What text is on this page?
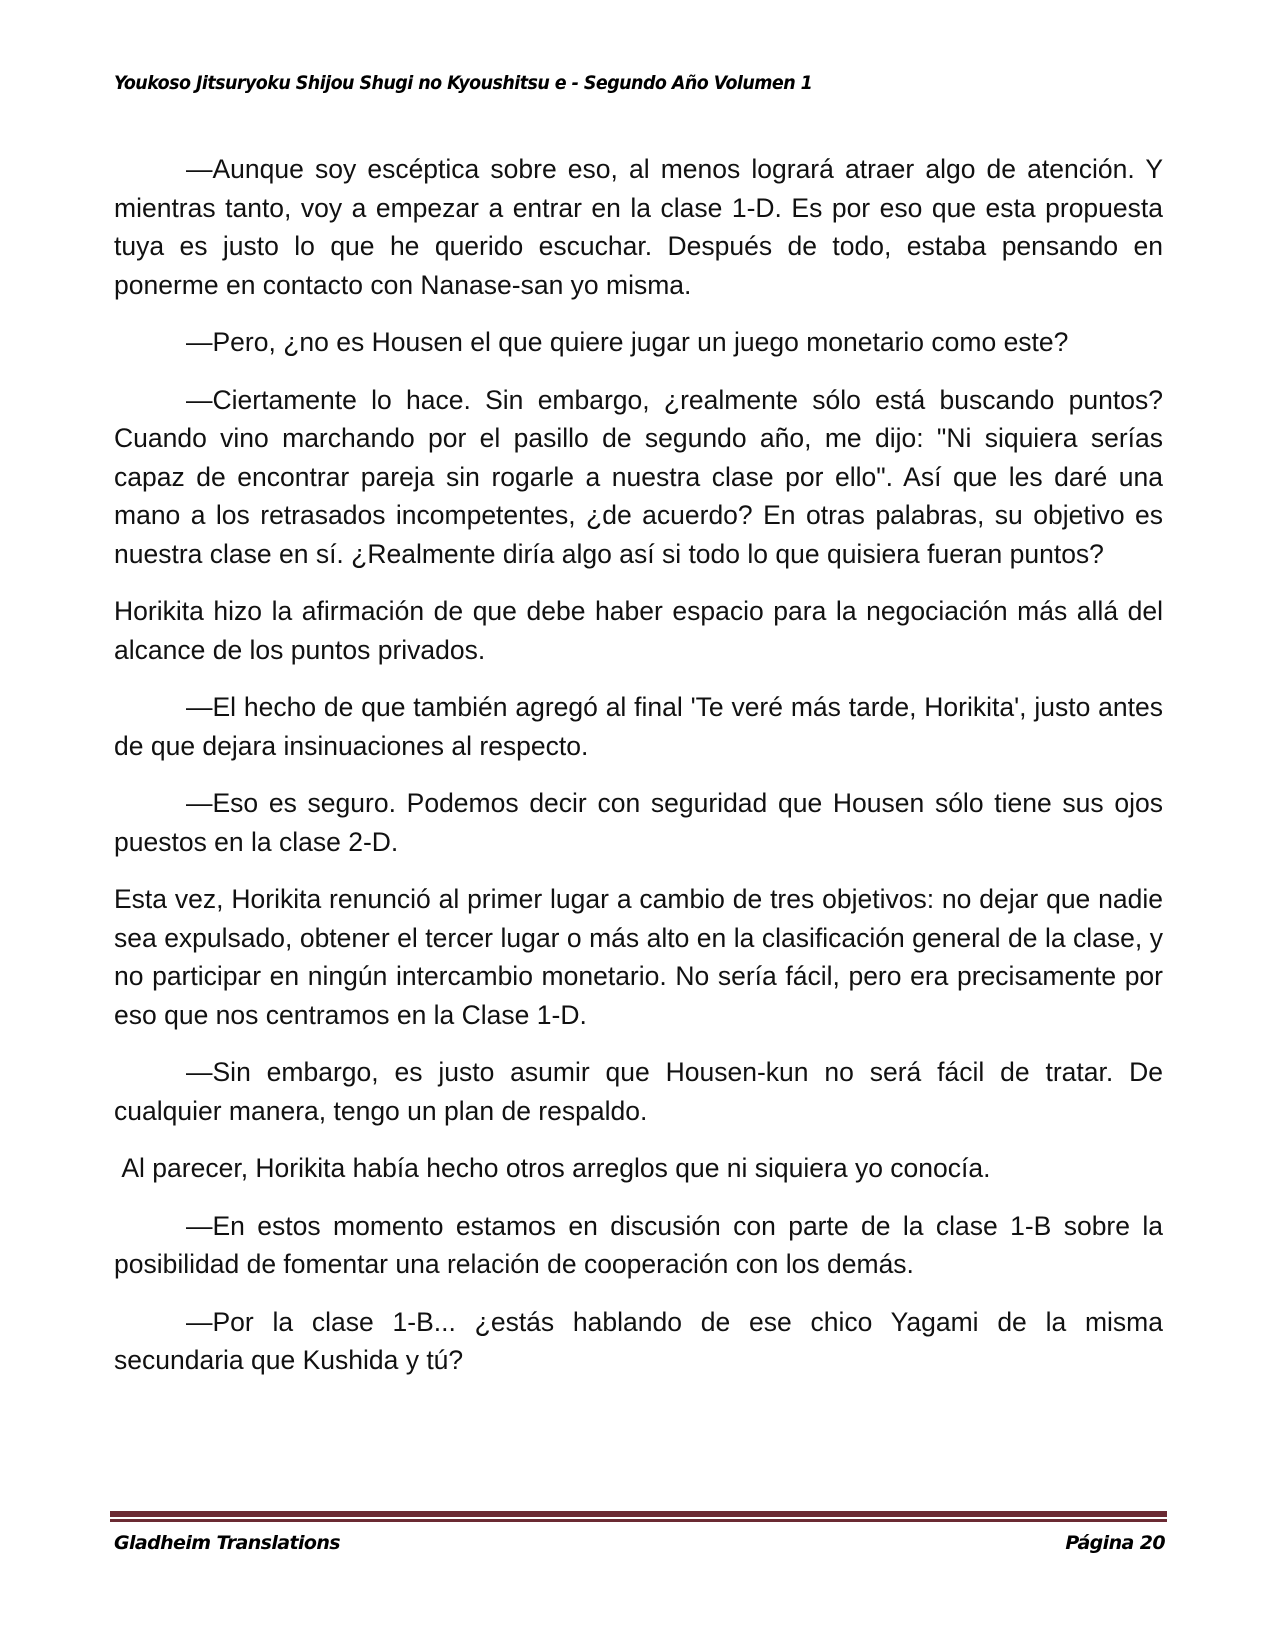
Youkoso Jitsuryoku Shijou Shugi no Kyoushitsu e - Segundo Año Volumen 1

—Aunque soy escéptica sobre eso, al menos logrará atraer algo de atención. Y mientras tanto, voy a empezar a entrar en la clase 1-D. Es por eso que esta propuesta tuya es justo lo que he querido escuchar. Después de todo, estaba pensando en ponerme en contacto con Nanase-san yo misma.

—Pero, ¿no es Housen el que quiere jugar un juego monetario como este?

—Ciertamente lo hace. Sin embargo, ¿realmente sólo está buscando puntos? Cuando vino marchando por el pasillo de segundo año, me dijo: "Ni siquiera serías capaz de encontrar pareja sin rogarle a nuestra clase por ello". Así que les daré una mano a los retrasados incompetentes, ¿de acuerdo? En otras palabras, su objetivo es nuestra clase en sí. ¿Realmente diría algo así si todo lo que quisiera fueran puntos?

Horikita hizo la afirmación de que debe haber espacio para la negociación más allá del alcance de los puntos privados.

—El hecho de que también agregó al final 'Te veré más tarde, Horikita', justo antes de que dejara insinuaciones al respecto.

—Eso es seguro. Podemos decir con seguridad que Housen sólo tiene sus ojos puestos en la clase 2-D.

Esta vez, Horikita renunció al primer lugar a cambio de tres objetivos: no dejar que nadie sea expulsado, obtener el tercer lugar o más alto en la clasificación general de la clase, y no participar en ningún intercambio monetario. No sería fácil, pero era precisamente por eso que nos centramos en la Clase 1-D.

—Sin embargo, es justo asumir que Housen-kun no será fácil de tratar. De cualquier manera, tengo un plan de respaldo.

Al parecer, Horikita había hecho otros arreglos que ni siquiera yo conocía.

—En estos momento estamos en discusión con parte de la clase 1-B sobre la posibilidad de fomentar una relación de cooperación con los demás.

—Por la clase 1-B... ¿estás hablando de ese chico Yagami de la misma secundaria que Kushida y tú?

Gladheim Translations	Página 20
